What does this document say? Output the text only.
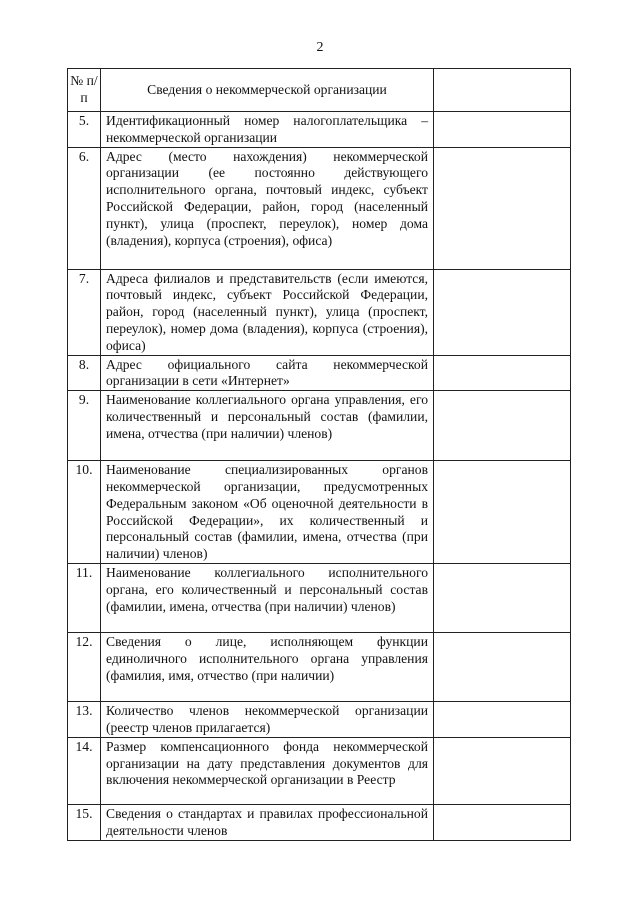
2
№ п/п	Сведения о некоммерческой организации	
5.	Идентификационный номер налогоплательщика – некоммерческой организации	
6.	Адрес (место нахождения) некоммерческой организации (ее постоянно действующего исполнительного органа, почтовый индекс, субъект Российской Федерации, район, город (населенный пункт), улица (проспект, переулок), номер дома (владения), корпуса (строения), офиса)	
7.	Адреса филиалов и представительств (если имеются, почтовый индекс, субъект Российской Федерации, район, город (населенный пункт), улица (проспект, переулок), номер дома (владения), корпуса (строения), офиса)	
8.	Адрес официального сайта некоммерческой организации в сети «Интернет»	
9.	Наименование коллегиального органа управления, его количественный и персональный состав (фамилии, имена, отчества (при наличии) членов)	
10.	Наименование специализированных органов некоммерческой организации, предусмотренных Федеральным законом «Об оценочной деятельности в Российской Федерации», их количественный и персональный состав (фамилии, имена, отчества (при наличии) членов)	
11.	Наименование коллегиального исполнительного органа, его количественный и персональный состав (фамилии, имена, отчества (при наличии) членов)	
12.	Сведения о лице, исполняющем функции единоличного исполнительного органа управления (фамилия, имя, отчество (при наличии)	
13.	Количество членов некоммерческой организации (реестр членов прилагается)	
14.	Размер компенсационного фонда некоммерческой организации на дату представления документов для включения некоммерческой организации в Реестр	
15.	Сведения о стандартах и правилах профессиональной деятельности членов	
